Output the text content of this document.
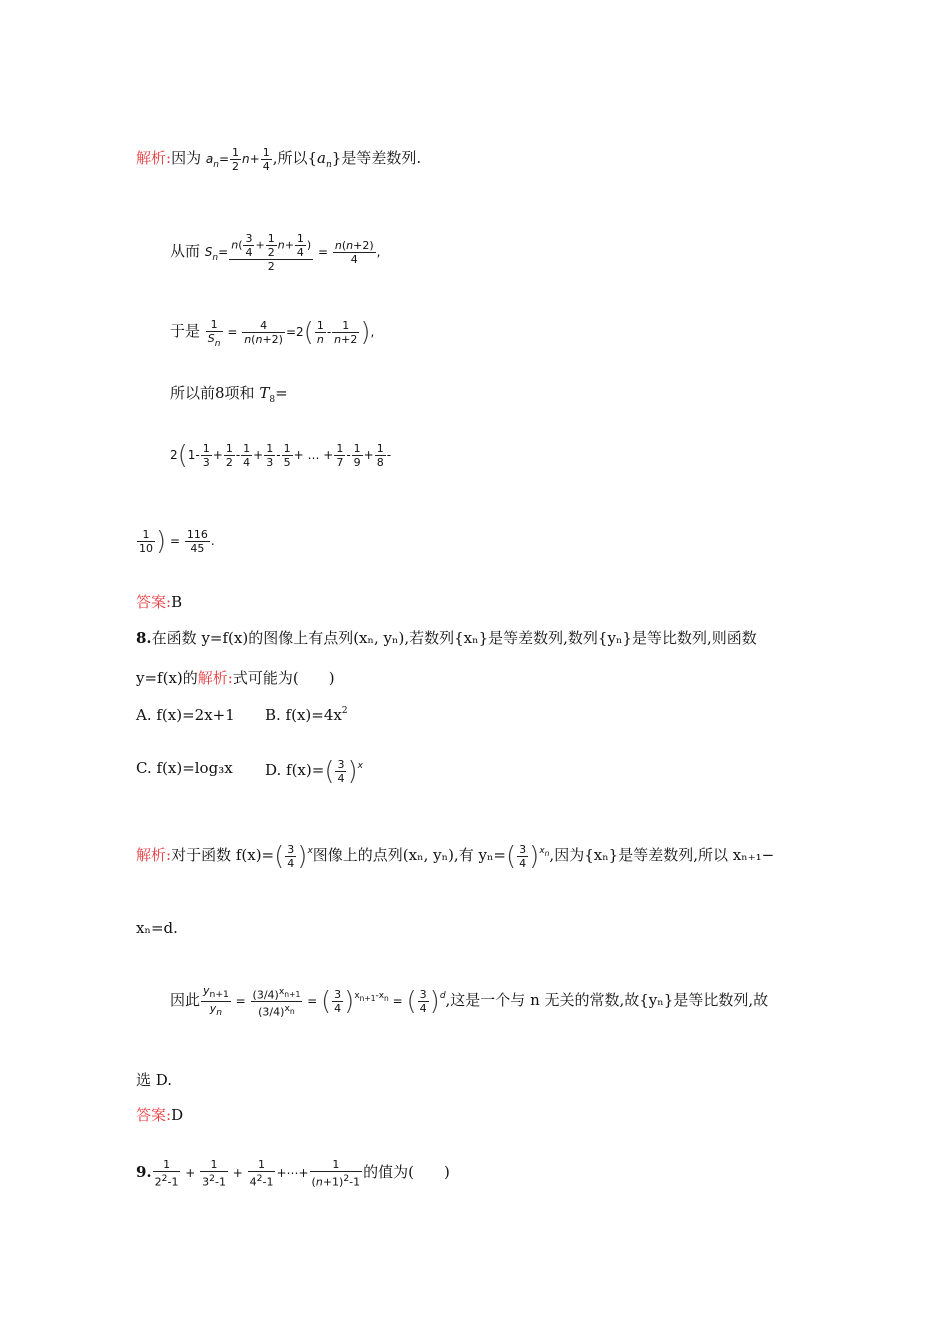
解析:因为 $a_n= \frac{1}{2} n+ \frac{1}{4}$ ,所以$\{a_n\}$是等差数列.
从而 $S_n= \frac{n( \frac{3}{4} + \frac{1}{2} n+ \frac{1}{4} )}{2} = \frac{n(n+2)}{4}$ ,
于是 $\frac{1}{S_n} = \frac{4}{n(n+2)} =2( \frac{1}{n} - \frac{1}{n+2}$ ),
所以前8项和 $T_8=$
$2(1- \frac{1}{3} + \frac{1}{2} - \frac{1}{4} + \frac{1}{3} - \frac{1}{5}$ + … + $\frac{1}{7} - \frac{1}{9} + \frac{1}{8}$ -
$\frac{1}{10}$ ) = $\frac{116}{45}$ .
答案:B
8.在函数 y=f(x)的图像上有点列(xₙ, yₙ),若数列{xₙ}是等差数列,数列{yₙ}是等比数列,则函数
y=f(x)的解析:式可能为(　　)
A. f(x)=2x+1 B. $f(x)=4x^2$
C. f(x)=log₃x D. $f(x)=( \frac{3}{4} )^x$
解析:对于函数 $f(x)=( \frac{3}{4} )^x$图像上的点列(xₙ, yₙ),有 $y_n=( \frac{3}{4} )^{x_n}$,因为{xₙ}是等差数列,所以 xₙ₊₁−
xₙ=d.
因此 $\frac{y_{n+1}}{y_n} = \frac{(3/4)^{x_{n+1}}}{(3/4)^{x_n}}$ = ( $\frac{3}{4} )^{x_{n+1}-x_n}$ = ( $\frac{3}{4} )^d$,这是一个与 n 无关的常数,故{yₙ}是等比数列,故
选 D.
答案:D
9. $\frac{1}{2^2-1} + \frac{1}{3^2-1} + \frac{1}{4^2-1}$ +⋯+ $\frac{1}{(n+1)^2-1}$ 的值为(　　)
